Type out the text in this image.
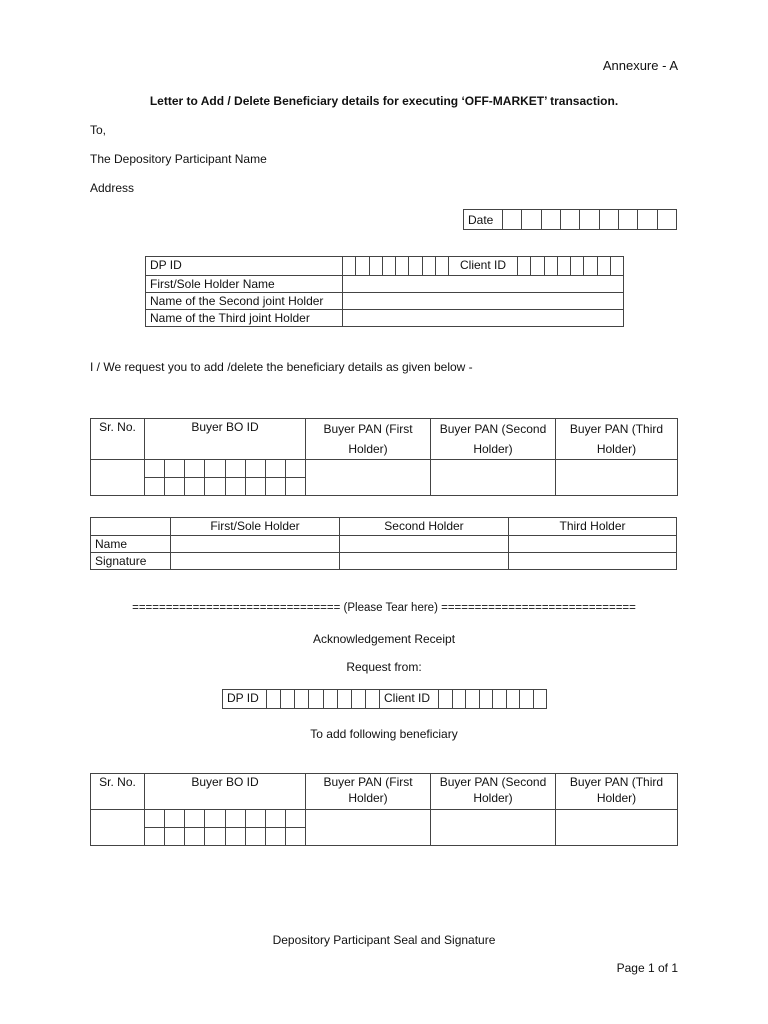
Annexure - A
Letter to Add / Delete Beneficiary details for executing ‘OFF-MARKET’ transaction.
To,
The Depository Participant Name
Address
Date	
DP ID		Client ID	

First/Sole Holder Name			
Name of the Second joint Holder			
Name of the Third joint Holder			
I / We request you to add /delete the beneficiary details as given below -
Sr. No.	Buyer BO ID	Buyer PAN (First Holder)	Buyer PAN (Second Holder)	Buyer PAN (Third Holder)

	First/Sole Holder	Second Holder	Third Holder
Name			
Signature			
=============================== (Please Tear here) =============================
Acknowledgement Receipt
Request from:
DP ID		Client ID	
To add following beneficiary
Sr. No.	Buyer BO ID	Buyer PAN (First Holder)	Buyer PAN (Second Holder)	Buyer PAN (Third Holder)

Depository Participant Seal and Signature
Page 1 of 1
